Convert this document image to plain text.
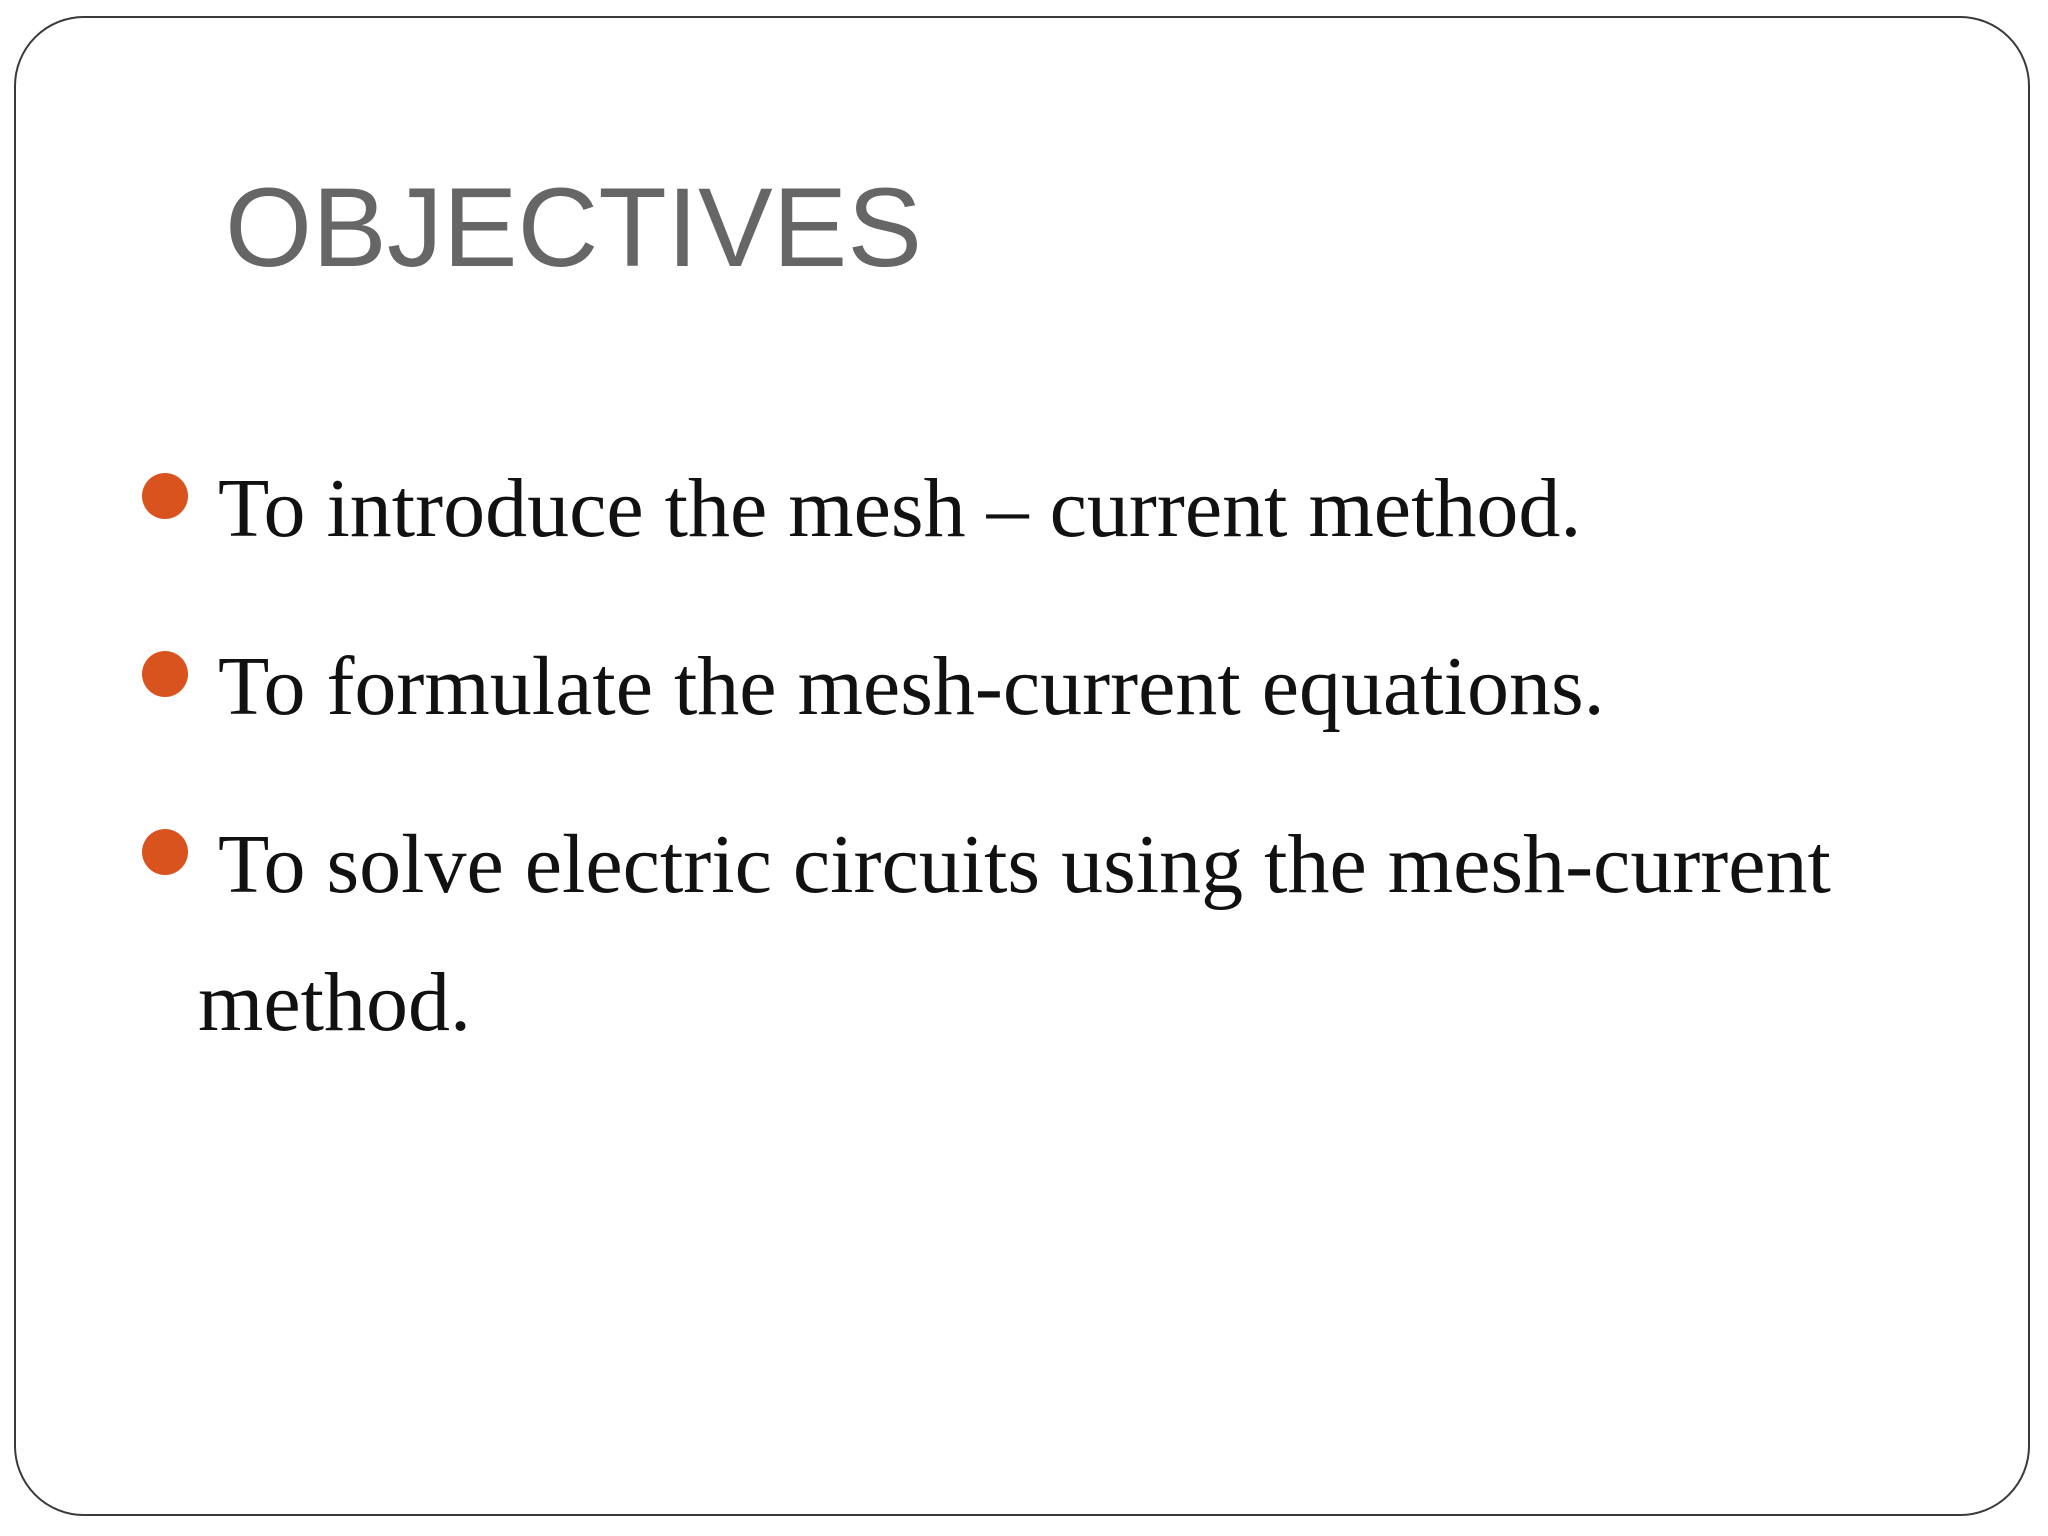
OBJECTIVES
To introduce the mesh – current method.
To formulate the mesh-current equations.
To solve electric circuits using the mesh-current
method.
